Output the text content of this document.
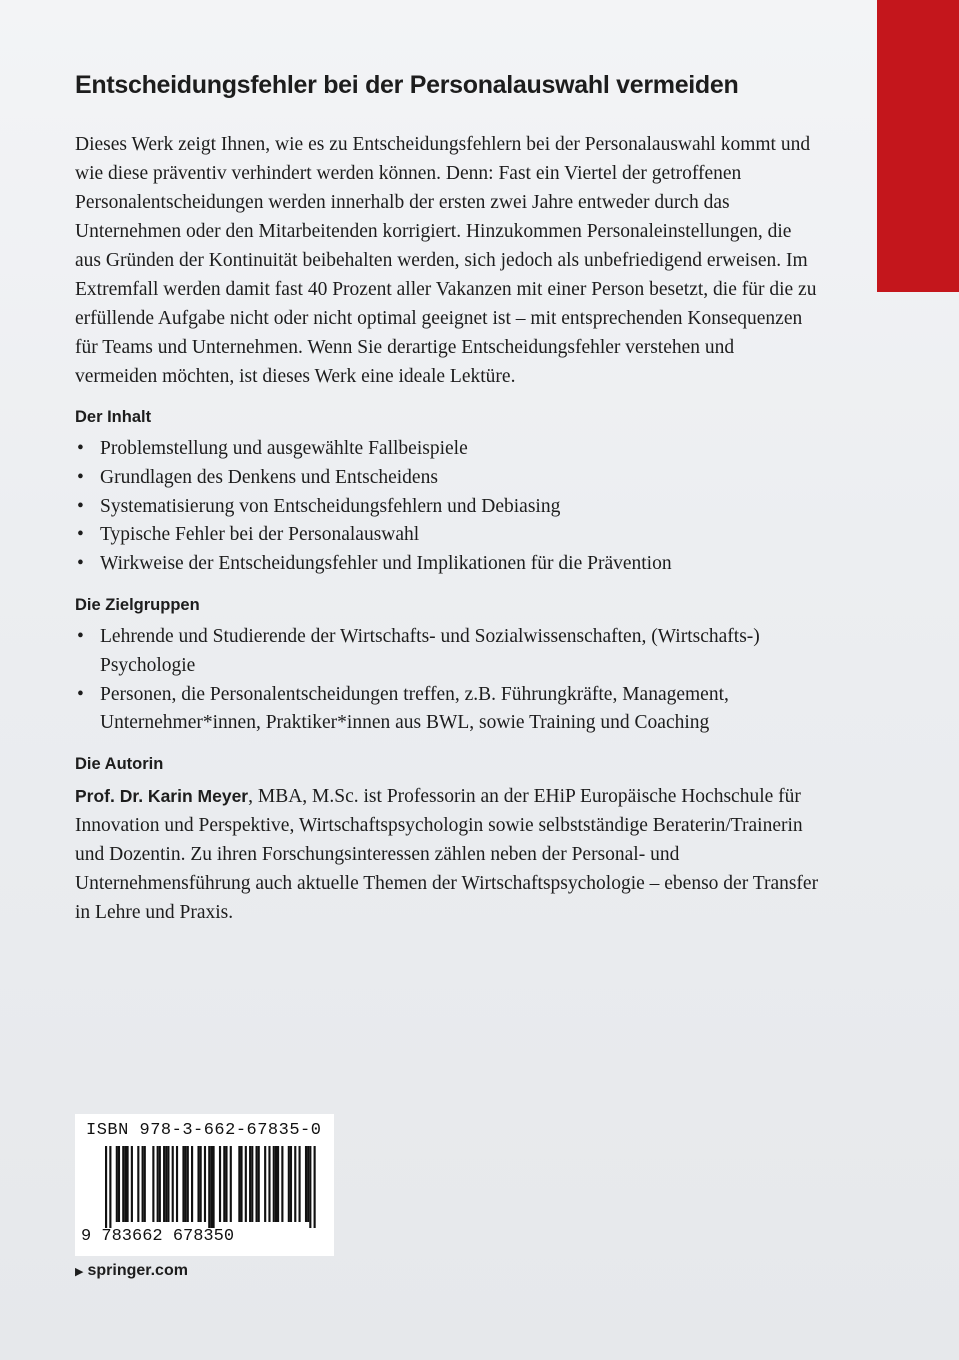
Entscheidungsfehler bei der Personalauswahl vermeiden

Dieses Werk zeigt Ihnen, wie es zu Entscheidungsfehlern bei der Personalauswahl kommt und wie diese präventiv verhindert werden können. Denn: Fast ein Viertel der getroffenen Personalentscheidungen werden innerhalb der ersten zwei Jahre entweder durch das Unternehmen oder den Mitarbeitenden korrigiert. Hinzukommen Personaleinstellungen, die aus Gründen der Kontinuität beibehalten werden, sich jedoch als unbefriedigend erweisen. Im Extremfall werden damit fast 40 Prozent aller Vakanzen mit einer Person besetzt, die für die zu erfüllende Aufgabe nicht oder nicht optimal geeignet ist – mit entsprechenden Konsequenzen für Teams und Unternehmen. Wenn Sie derartige Entscheidungsfehler verstehen und vermeiden möchten, ist dieses Werk eine ideale Lektüre.

Der Inhalt
• Problemstellung und ausgewählte Fallbeispiele
• Grundlagen des Denkens und Entscheidens
• Systematisierung von Entscheidungsfehlern und Debiasing
• Typische Fehler bei der Personalauswahl
• Wirkweise der Entscheidungsfehler und Implikationen für die Prävention
Die Zielgruppen
• Lehrende und Studierende der Wirtschafts- und Sozialwissenschaften, (Wirtschafts-) Psychologie
• Personen, die Personalentscheidungen treffen, z.B. Führungkräfte, Management, Unternehmer*innen, Praktiker*innen aus BWL, sowie Training und Coaching
Die Autorin

Prof. Dr. Karin Meyer, MBA, M.Sc. ist Professorin an der EHiP Europäische Hochschule für Innovation und Perspektive, Wirtschaftspsychologin sowie selbstständige Beraterin/Trainerin und Dozentin. Zu ihren Forschungsinteressen zählen neben der Personal- und Unternehmensführung auch aktuelle Themen der Wirtschaftspsychologie – ebenso der Transfer in Lehre und Praxis.

ISBN 978-3-662-67835-0
9 783662 678350
▶ springer.com
